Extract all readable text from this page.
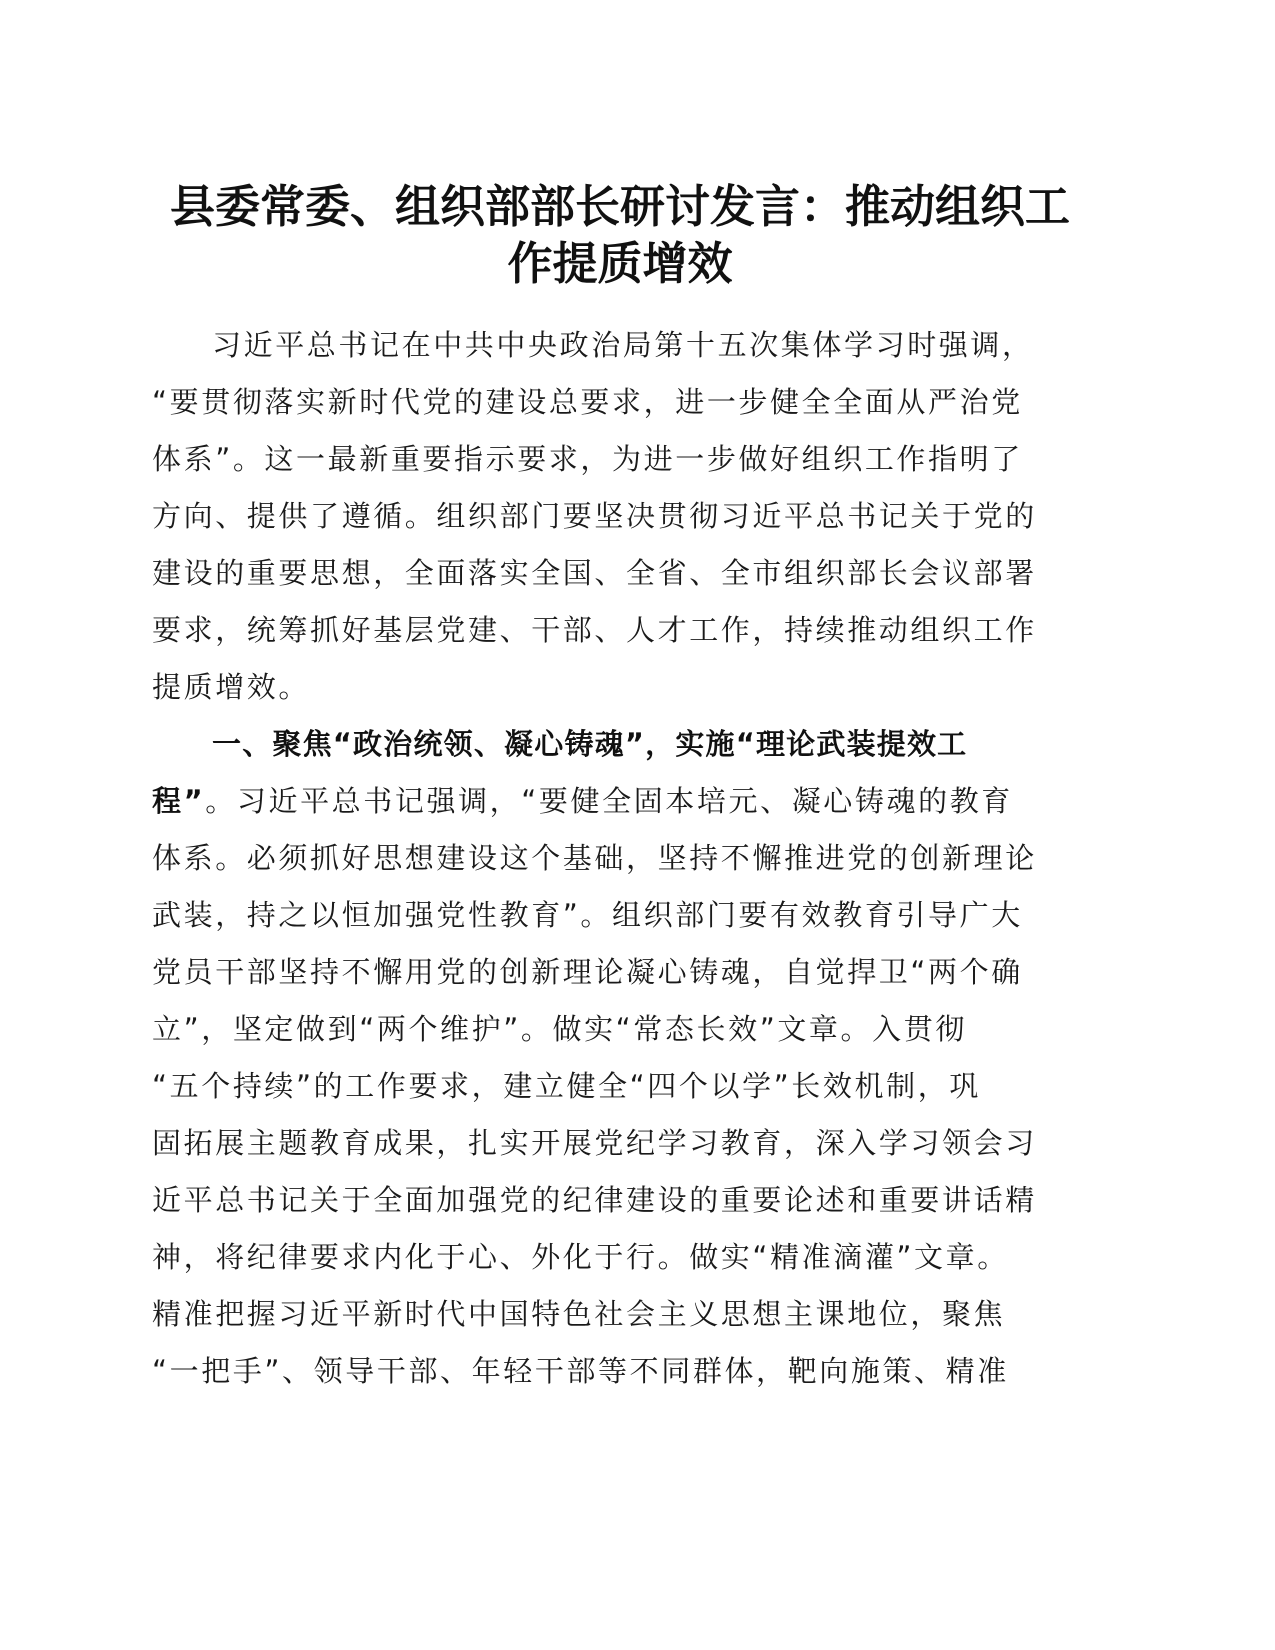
县委常委、组织部部长研讨发言：推动组织工
作提质增效
习近平总书记在中共中央政治局第十五次集体学习时强调，
“要贯彻落实新时代党的建设总要求，进一步健全全面从严治党
体系”。这一最新重要指示要求，为进一步做好组织工作指明了
方向、提供了遵循。组织部门要坚决贯彻习近平总书记关于党的
建设的重要思想，全面落实全国、全省、全市组织部长会议部署
要求，统筹抓好基层党建、干部、人才工作，持续推动组织工作
提质增效。
一、聚焦“政治统领、凝心铸魂”，实施“理论武装提效工
程”。习近平总书记强调，“要健全固本培元、凝心铸魂的教育
体系。必须抓好思想建设这个基础，坚持不懈推进党的创新理论
武装，持之以恒加强党性教育”。组织部门要有效教育引导广大
党员干部坚持不懈用党的创新理论凝心铸魂，自觉捍卫“两个确
立”，坚定做到“两个维护”。做实“常态长效”文章。入贯彻
“五个持续”的工作要求，建立健全“四个以学”长效机制，巩
固拓展主题教育成果，扎实开展党纪学习教育，深入学习领会习
近平总书记关于全面加强党的纪律建设的重要论述和重要讲话精
神，将纪律要求内化于心、外化于行。做实“精准滴灌”文章。
精准把握习近平新时代中国特色社会主义思想主课地位，聚焦
“一把手”、领导干部、年轻干部等不同群体，靶向施策、精准
